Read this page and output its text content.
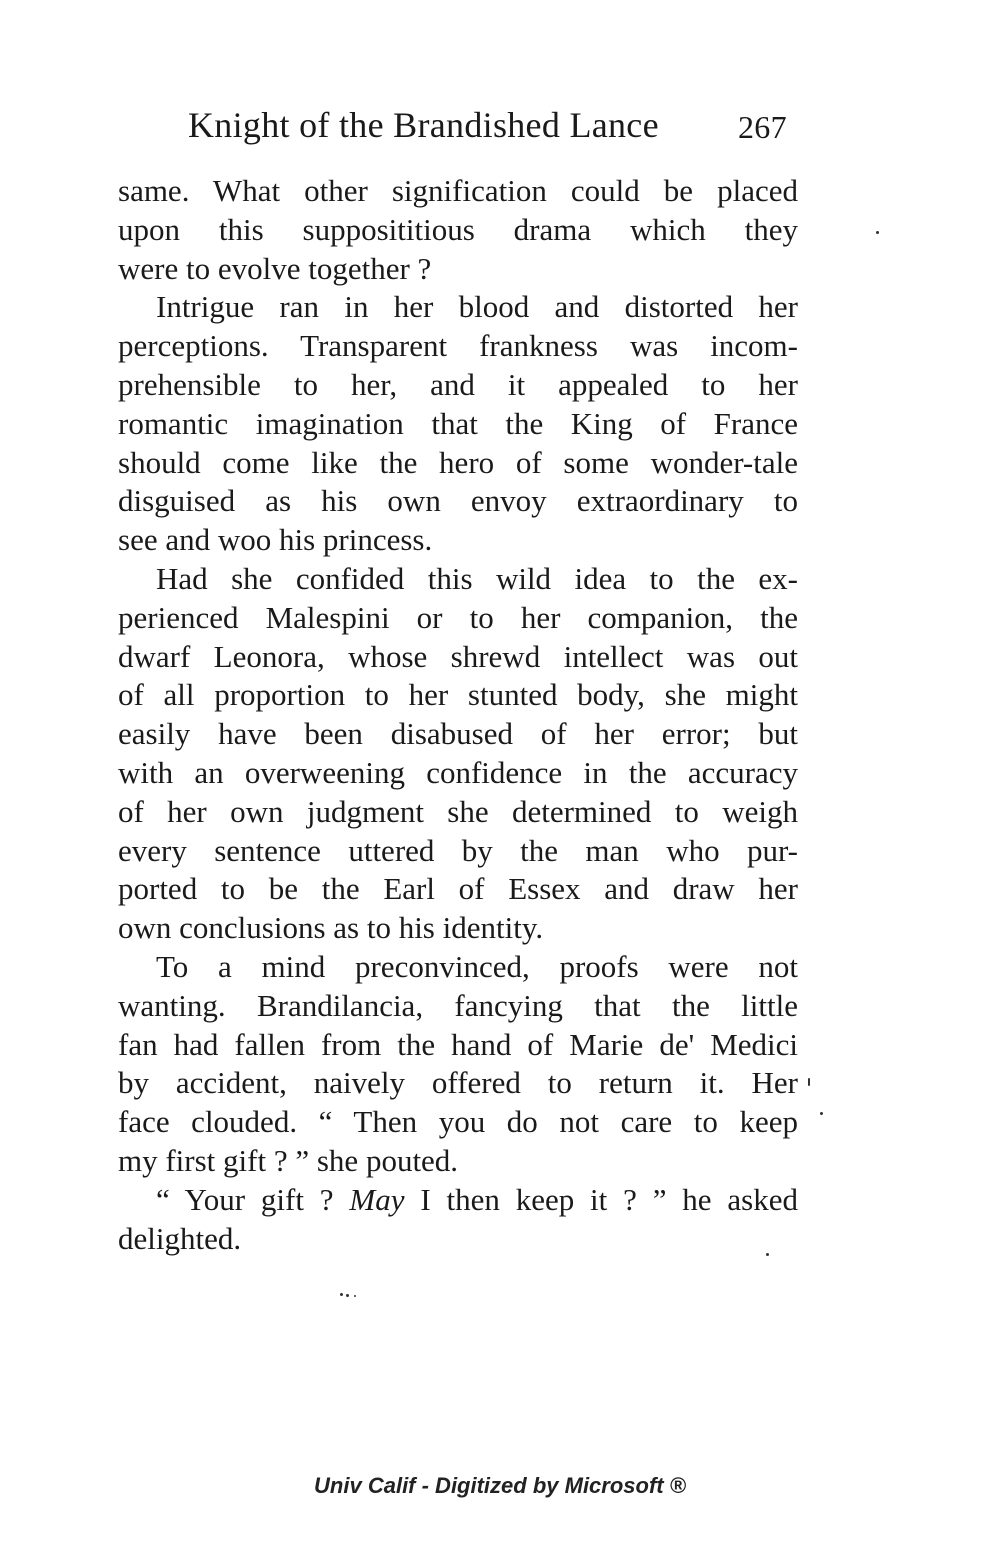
Knight of the Brandished Lance 267
same. What other signification could be placed
upon this supposititious drama which they
were to evolve together ?
Intrigue ran in her blood and distorted her
perceptions. Transparent frankness was incom-
prehensible to her, and it appealed to her
romantic imagination that the King of France
should come like the hero of some wonder-tale
disguised as his own envoy extraordinary to
see and woo his princess.
Had she confided this wild idea to the ex-
perienced Malespini or to her companion, the
dwarf Leonora, whose shrewd intellect was out
of all proportion to her stunted body, she might
easily have been disabused of her error; but
with an overweening confidence in the accuracy
of her own judgment she determined to weigh
every sentence uttered by the man who pur-
ported to be the Earl of Essex and draw her
own conclusions as to his identity.
To a mind preconvinced, proofs were not
wanting. Brandilancia, fancying that the little
fan had fallen from the hand of Marie de' Medici
by accident, naively offered to return it. Her
face clouded. “ Then you do not care to keep
my first gift ? ” she pouted.
“ Your gift ? May I then keep it ? ” he asked
delighted.
Univ Calif - Digitized by Microsoft ®
